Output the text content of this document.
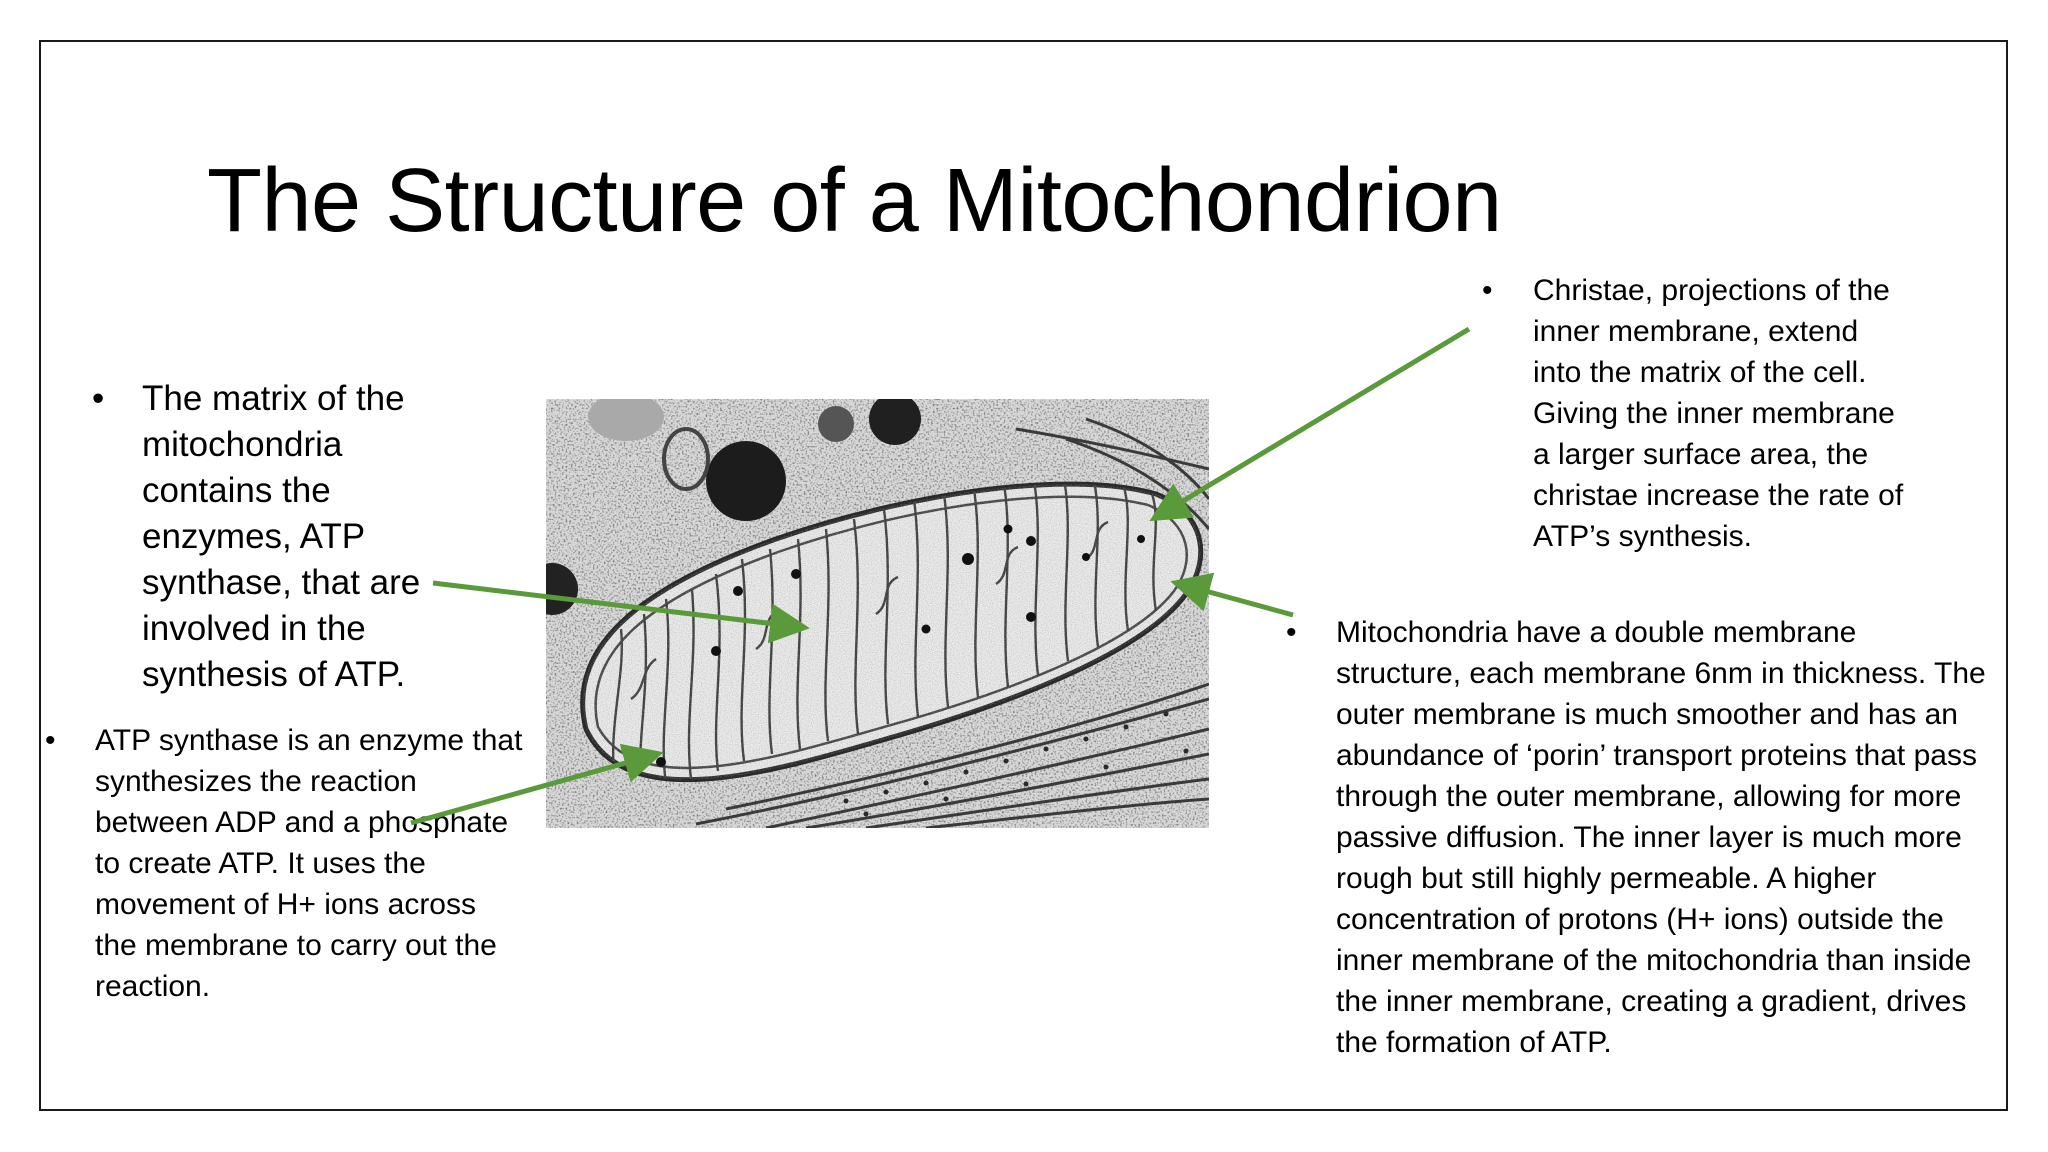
The Structure of a Mitochondrion
• The matrix of the mitochondria contains the enzymes, ATP synthase, that are involved in the synthesis of ATP.
• ATP synthase is an enzyme that synthesizes the reaction between ADP and a phosphate to create ATP. It uses the movement of H+ ions across the membrane to carry out the reaction.
• Christae, projections of the inner membrane, extend into the matrix of the cell. Giving the inner membrane a larger surface area, the christae increase the rate of ATP’s synthesis.
• Mitochondria have a double membrane structure, each membrane 6nm in thickness. The outer membrane is much smoother and has an abundance of ‘porin’ transport proteins that pass through the outer membrane, allowing for more passive diffusion. The inner layer is much more rough but still highly permeable. A higher concentration of protons (H+ ions) outside the inner membrane of the mitochondria than inside the inner membrane, creating a gradient, drives the formation of ATP.
